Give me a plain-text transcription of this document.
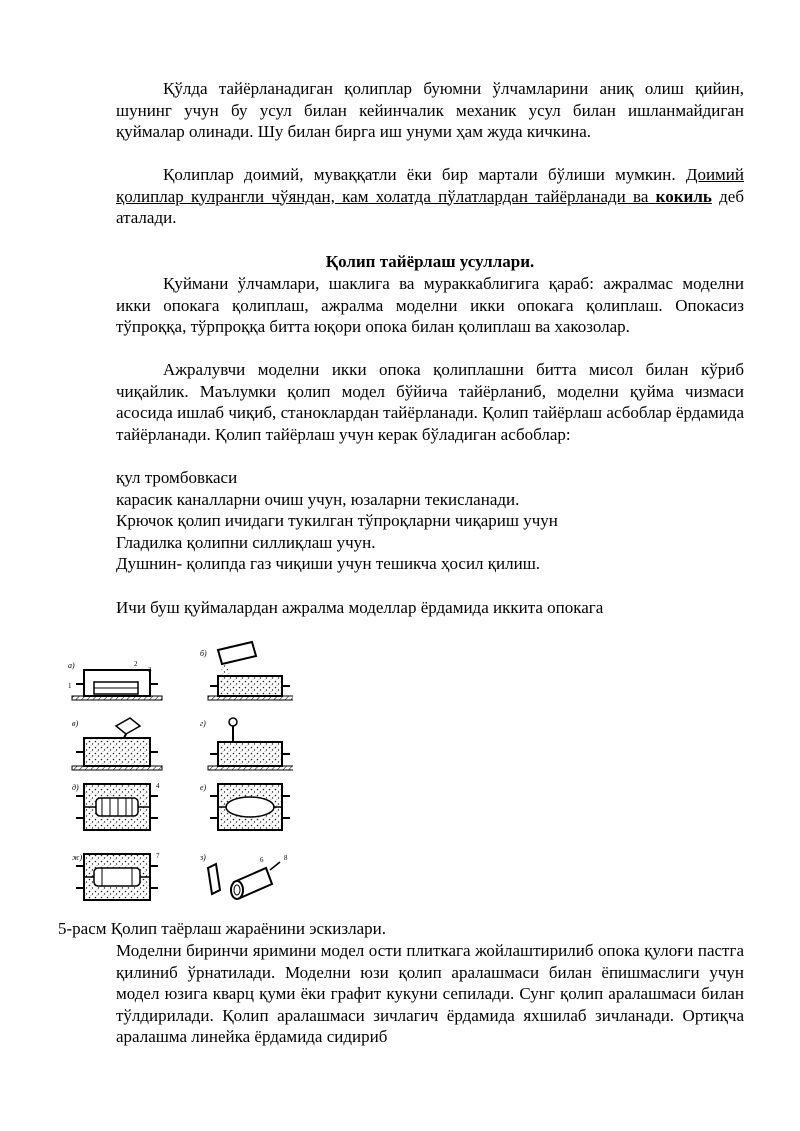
Қўлда тайёрланадиган қолиплар буюмни ўлчамларини аниқ олиш қийин, шунинг учун бу усул билан кейинчалик механик усул билан ишланмайдиган қуймалар олинади. Шу билан бирга иш унуми ҳам жуда кичкина.

Қолиплар доимий, муваққатли ёки бир мартали бўлиши мумкин. Доимий қолиплар кулрангли чўяндан, кам холатда пўлатлардан тайёрланади ва кокиль деб аталади.

Қолип тайёрлаш усуллари.

Қуймани ўлчамлари, шаклига ва мураккаблигига қараб: ажралмас моделни икки опокага қолиплаш, ажралма моделни икки опокага қолиплаш. Опокасиз тўпроққа, тўрпроққа битта юқори опока билан қолиплаш ва хакозолар.

Ажралувчи моделни икки опока қолиплашни битта мисол билан кўриб чиқайлик. Маълумки қолип модел бўйича тайёрланиб, моделни қуйма чизмаси асосида ишлаб чиқиб, станоклардан тайёрланади. Қолип тайёрлаш асбоблар ёрдамида тайёрланади. Қолип тайёрлаш учун керак бўладиган асбоблар:

қул тромбовкаси
карасик каналларни очиш учун, юзаларни текисланади.
Крючок қолип ичидаги тукилган тўпроқларни чиқариш учун
Гладилка қолипни силлиқлаш учун.
Душнин- қолипда газ чиқиши учун тешикча ҳосил қилиш.
Ичи буш қуймалардан ажралма моделлар ёрдамида иккита опокага
а)	2
3
1
б)
в)	г)
д)	4	е)
ж)	7	з)	6	8
5-расм Қолип таёрлаш жараёнини эскизлари.

Моделни биринчи яримини модел ости плиткага жойлаштирилиб опока қулоғи пастга қилиниб ўрнатилади. Моделни юзи қолип аралашмаси билан ёпишмаслиги учун модел юзига кварц қуми ёки графит кукуни сепилади. Сунг қолип аралашмаси билан тўлдирилади. Қолип аралашмаси зичлагич ёрдамида яхшилаб зичланади. Ортиқча аралашма линейка ёрдамида сидириб
